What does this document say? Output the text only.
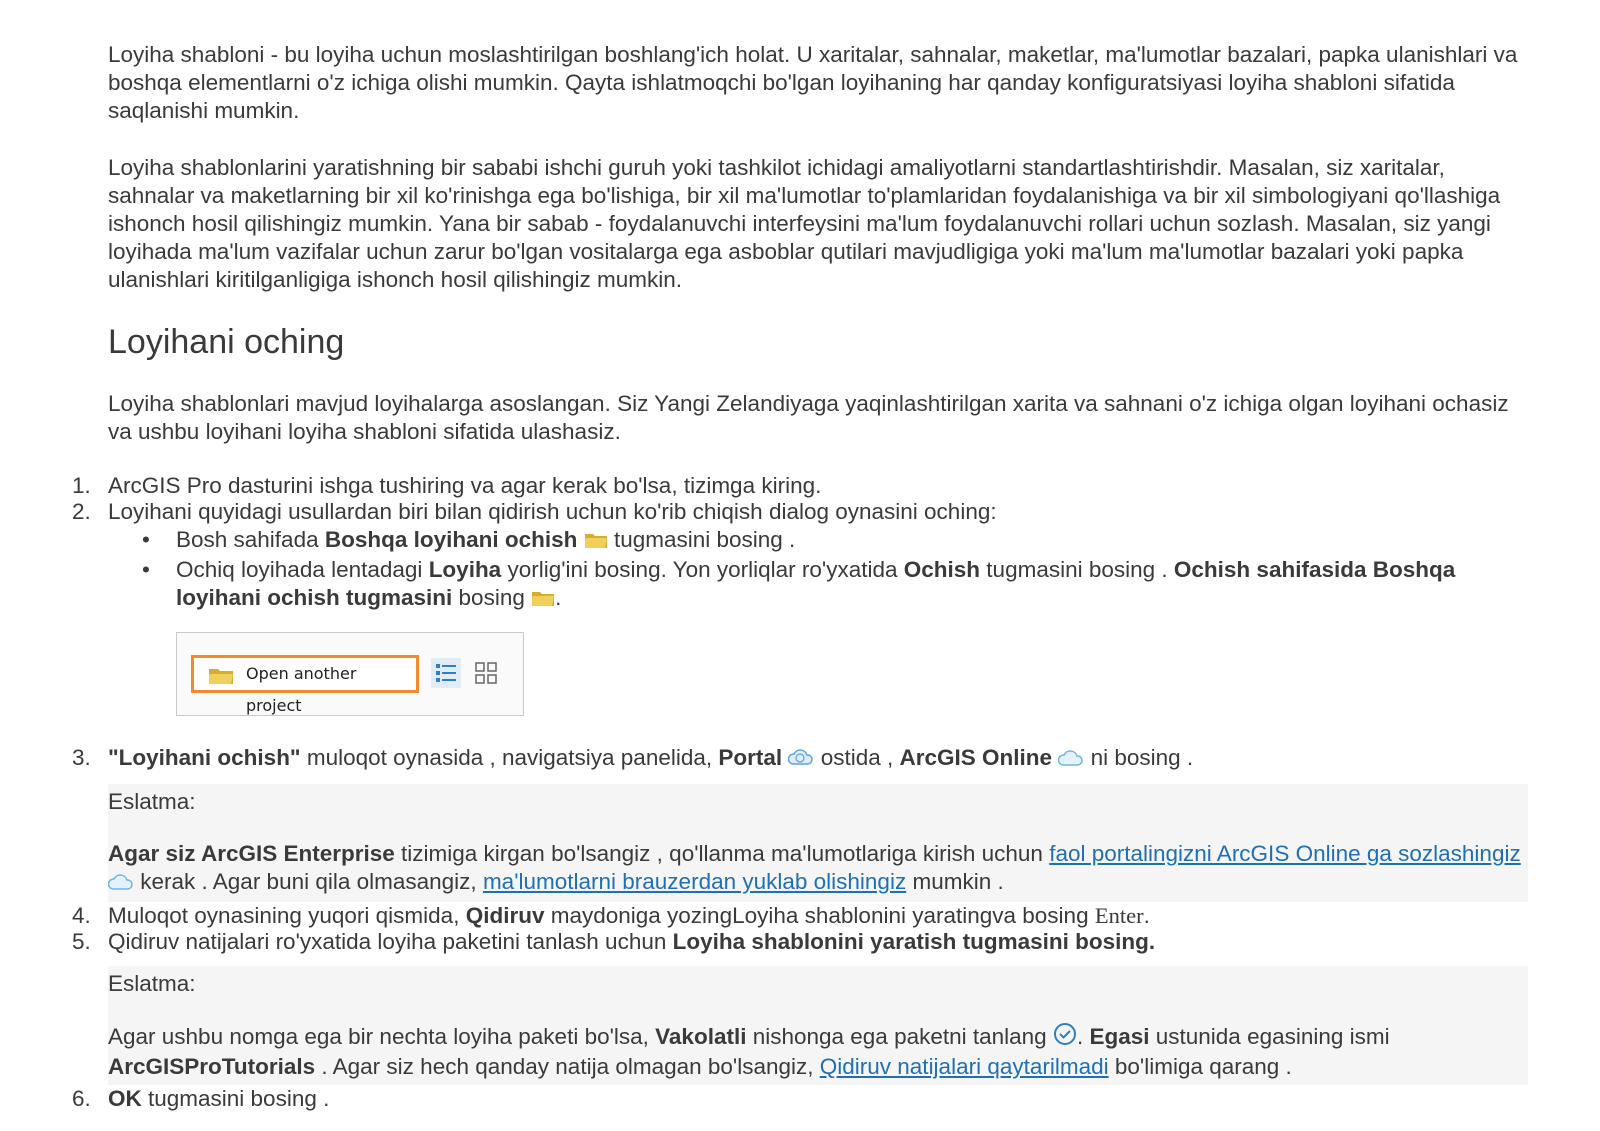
Loyiha shabloni - bu loyiha uchun moslashtirilgan boshlang'ich holat. U xaritalar, sahnalar, maketlar, ma'lumotlar bazalari, papka ulanishlari va boshqa elementlarni o'z ichiga olishi mumkin. Qayta ishlatmoqchi bo'lgan loyihaning har qanday konfiguratsiyasi loyiha shabloni sifatida saqlanishi mumkin.

Loyiha shablonlarini yaratishning bir sababi ishchi guruh yoki tashkilot ichidagi amaliyotlarni standartlashtirishdir. Masalan, siz xaritalar, sahnalar va maketlarning bir xil ko'rinishga ega bo'lishiga, bir xil ma'lumotlar to'plamlaridan foydalanishiga va bir xil simbologiyani qo'llashiga ishonch hosil qilishingiz mumkin. Yana bir sabab - foydalanuvchi interfeysini ma'lum foydalanuvchi rollari uchun sozlash. Masalan, siz yangi loyihada ma'lum vazifalar uchun zarur bo'lgan vositalarga ega asboblar qutilari mavjudligiga yoki ma'lum ma'lumotlar bazalari yoki papka ulanishlari kiritilganligiga ishonch hosil qilishingiz mumkin.

Loyihani oching

Loyiha shablonlari mavjud loyihalarga asoslangan. Siz Yangi Zelandiyaga yaqinlashtirilgan xarita va sahnani o'z ichiga olgan loyihani ochasiz va ushbu loyihani loyiha shabloni sifatida ulashasiz.

1. ArcGIS Pro dasturini ishga tushiring va agar kerak bo'lsa, tizimga kiring.
2. Loyihani quyidagi usullardan biri bilan qidirish uchun ko'rib chiqish dialog oynasini oching:
• Bosh sahifada Boshqa loyihani ochish  tugmasini bosing .
• Ochiq loyihada lentadagi Loyiha yorlig'ini bosing. Yon yorliqlar ro'yxatida Ochish tugmasini bosing . Ochish sahifasida Boshqa loyihani ochish tugmasini bosing .
3. "Loyihani ochish" muloqot oynasida , navigatsiya panelida, Portal  ostida , ArcGIS Online  ni bosing .
Eslatma:
Agar siz ArcGIS Enterprise tizimiga kirgan bo'lsangiz , qo'llanma ma'lumotlariga kirish uchun faol portalingizni ArcGIS Online ga sozlashingiz kerak . Agar buni qila olmasangiz, ma'lumotlarni brauzerdan yuklab olishingiz mumkin .
4. Muloqot oynasining yuqori qismida, Qidiruv maydoniga yozingLoyiha shablonini yaratingva bosing Enter.
5. Qidiruv natijalari ro'yxatida loyiha paketini tanlash uchun Loyiha shablonini yaratish tugmasini bosing.
Eslatma:
Agar ushbu nomga ega bir nechta loyiha paketi bo'lsa, Vakolatli nishonga ega paketni tanlang . Egasi ustunida egasining ismi ArcGISProTutorials . Agar siz hech qanday natija olmagan bo'lsangiz, Qidiruv natijalari qaytarilmadi bo'limiga qarang .
6. OK tugmasini bosing .
Open another project
